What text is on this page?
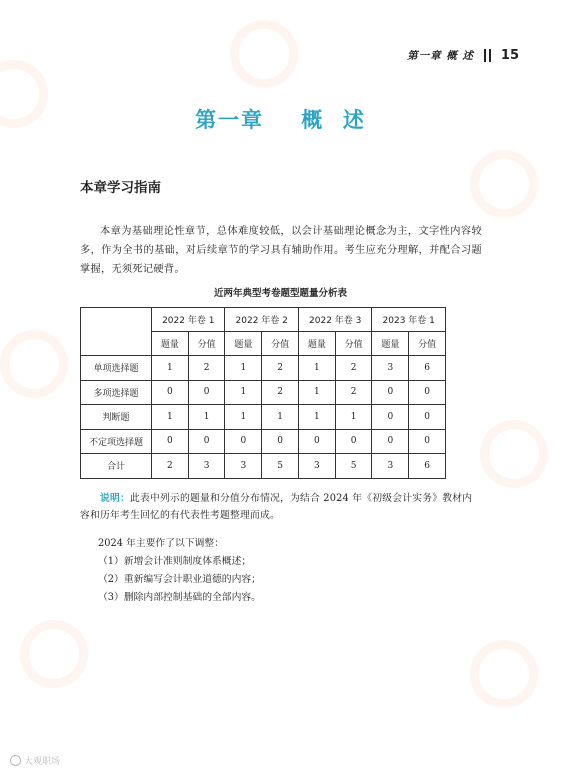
第一章 概 述 15
第一章    概  述
本章学习指南
本章为基础理论性章节，总体难度较低，以会计基础理论概念为主，文字性内容较多，作为全书的基础，对后续章节的学习具有辅助作用。考生应充分理解，并配合习题掌握，无须死记硬背。
近两年典型考卷题型题量分析表
	2022 年卷 1		2022 年卷 2		2022 年卷 3		2023 年卷 1	
	题量	分值	题量	分值	题量	分值	题量	分值
单项选择题	1	2	1	2	1	2	3	6
多项选择题	0	0	1	2	1	2	0	0
判断题	1	1	1	1	1	1	0	0
不定项选择题	0	0	0	0	0	0	0	0
合计	2	3	3	5	3	5	3	6
说明：此表中列示的题量和分值分布情况，为结合 2024 年《初级会计实务》教材内容和历年考生回忆的有代表性考题整理而成。
2024 年主要作了以下调整：
（1）新增会计准则制度体系概述；
（2）重新编写会计职业道德的内容；
（3）删除内部控制基础的全部内容。
大观职场
